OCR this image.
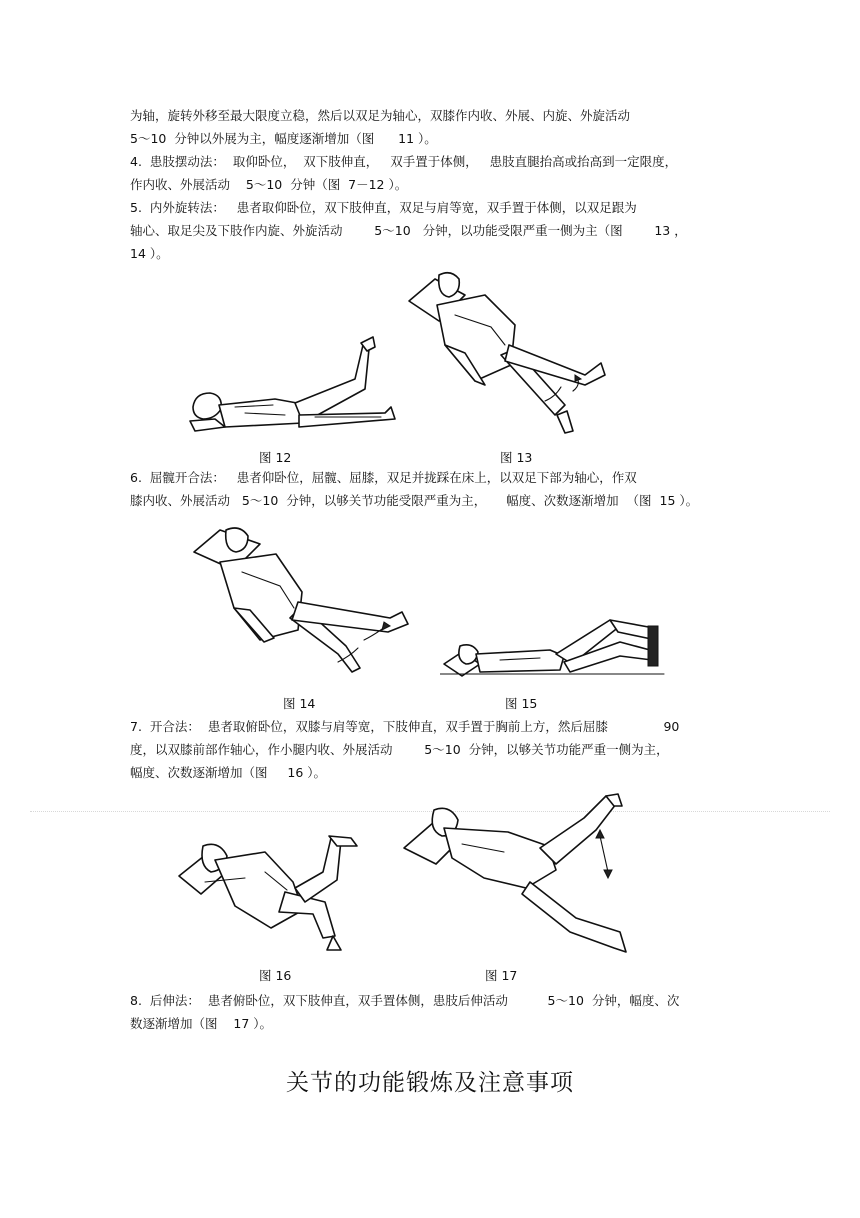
为轴，旋转外移至最大限度立稳，然后以双足为轴心，双膝作内收、外展、内旋、外旋活动
5～10  分钟以外展为主，幅度逐渐增加（图      11 ）。
4.  患肢摆动法：  取仰卧位，  双下肢伸直，   双手置于体侧，   患肢直腿抬高或抬高到一定限度，
作内收、外展活动    5～10  分钟（图  7－12 ）。
5.  内外旋转法：   患者取仰卧位，双下肢伸直，双足与肩等宽，双手置于体侧，以双足跟为
轴心、取足尖及下肢作内旋、外旋活动        5～10   分钟，以功能受限严重一侧为主（图        13 ，
14 ）。
图 12	图 13
6.  屈髋开合法：   患者仰卧位，屈髋、屈膝，双足并拢踩在床上，以双足下部为轴心，作双
膝内收、外展活动   5～10  分钟，以够关节功能受限严重为主，     幅度、次数逐渐增加  （图  15 ）。
图 14	图 15
7.  开合法：  患者取俯卧位，双膝与肩等宽，下肢伸直，双手置于胸前上方，然后屈膝              90
度，以双膝前部作轴心，作小腿内收、外展活动        5～10  分钟，以够关节功能严重一侧为主，
幅度、次数逐渐增加（图     16 ）。
图 16	图 17
8.  后伸法：  患者俯卧位，双下肢伸直，双手置体侧，患肢后伸活动          5～10  分钟，幅度、次
数逐渐增加（图    17 ）。
关节的功能锻炼及注意事项
